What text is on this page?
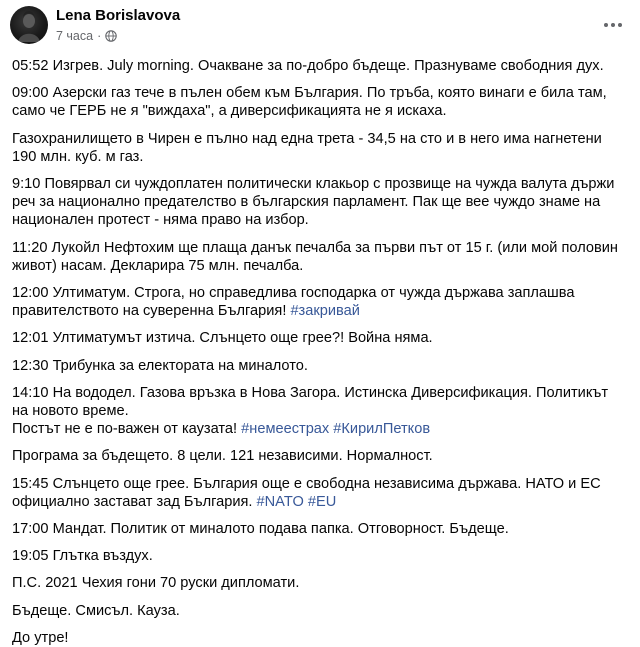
Lena Borislavova
7 часа ·

05:52 Изгрев. July morning. Очакване за по-добро бъдеще. Празнуваме свободния дух.

09:00 Азерски газ тече в пълен обем към България. По тръба, която винаги е била там, само че ГЕРБ не я "виждаха", а диверсификацията не я искаха.

Газохранилището в Чирен е пълно над една трета - 34,5 на сто и в него има нагнетени 190 млн. куб. м газ.

9:10 Повярвал си чуждоплатен политически клакьор с прозвище на чужда валута държи реч за национално предателство в българския парламент. Пак ще вее чуждо знаме на национален протест - няма право на избор.

11:20 Лукойл Нефтохим ще плаща данък печалба за първи път от 15 г. (или мой половин живот) насам. Декларира 75 млн. печалба.

12:00 Ултиматум. Строга, но справедлива господарка от чужда държава заплашва правителството на суверенна България! #закривай

12:01 Ултиматумът изтича. Слънцето още грее?! Война няма.

12:30 Трибунка за електората на миналото.

14:10 На вододел. Газова връзка в Нова Загора. Истинска Диверсификация. Политикът на новото време.
Постът не е по-важен от каузата! #немеестрах #КирилПетков

Програма за бъдещето. 8 цели. 121 независими. Нормалност.

15:45 Слънцето още грее. България още е свободна независима държава. НАТО и ЕС официално застават зад България. #NATO #EU

17:00 Мандат. Политик от миналото подава папка. Отговорност. Бъдеще.

19:05 Глътка въздух.

П.С. 2021 Чехия гони 70 руски дипломати.

Бъдеще. Смисъл. Кауза.

До утре!
